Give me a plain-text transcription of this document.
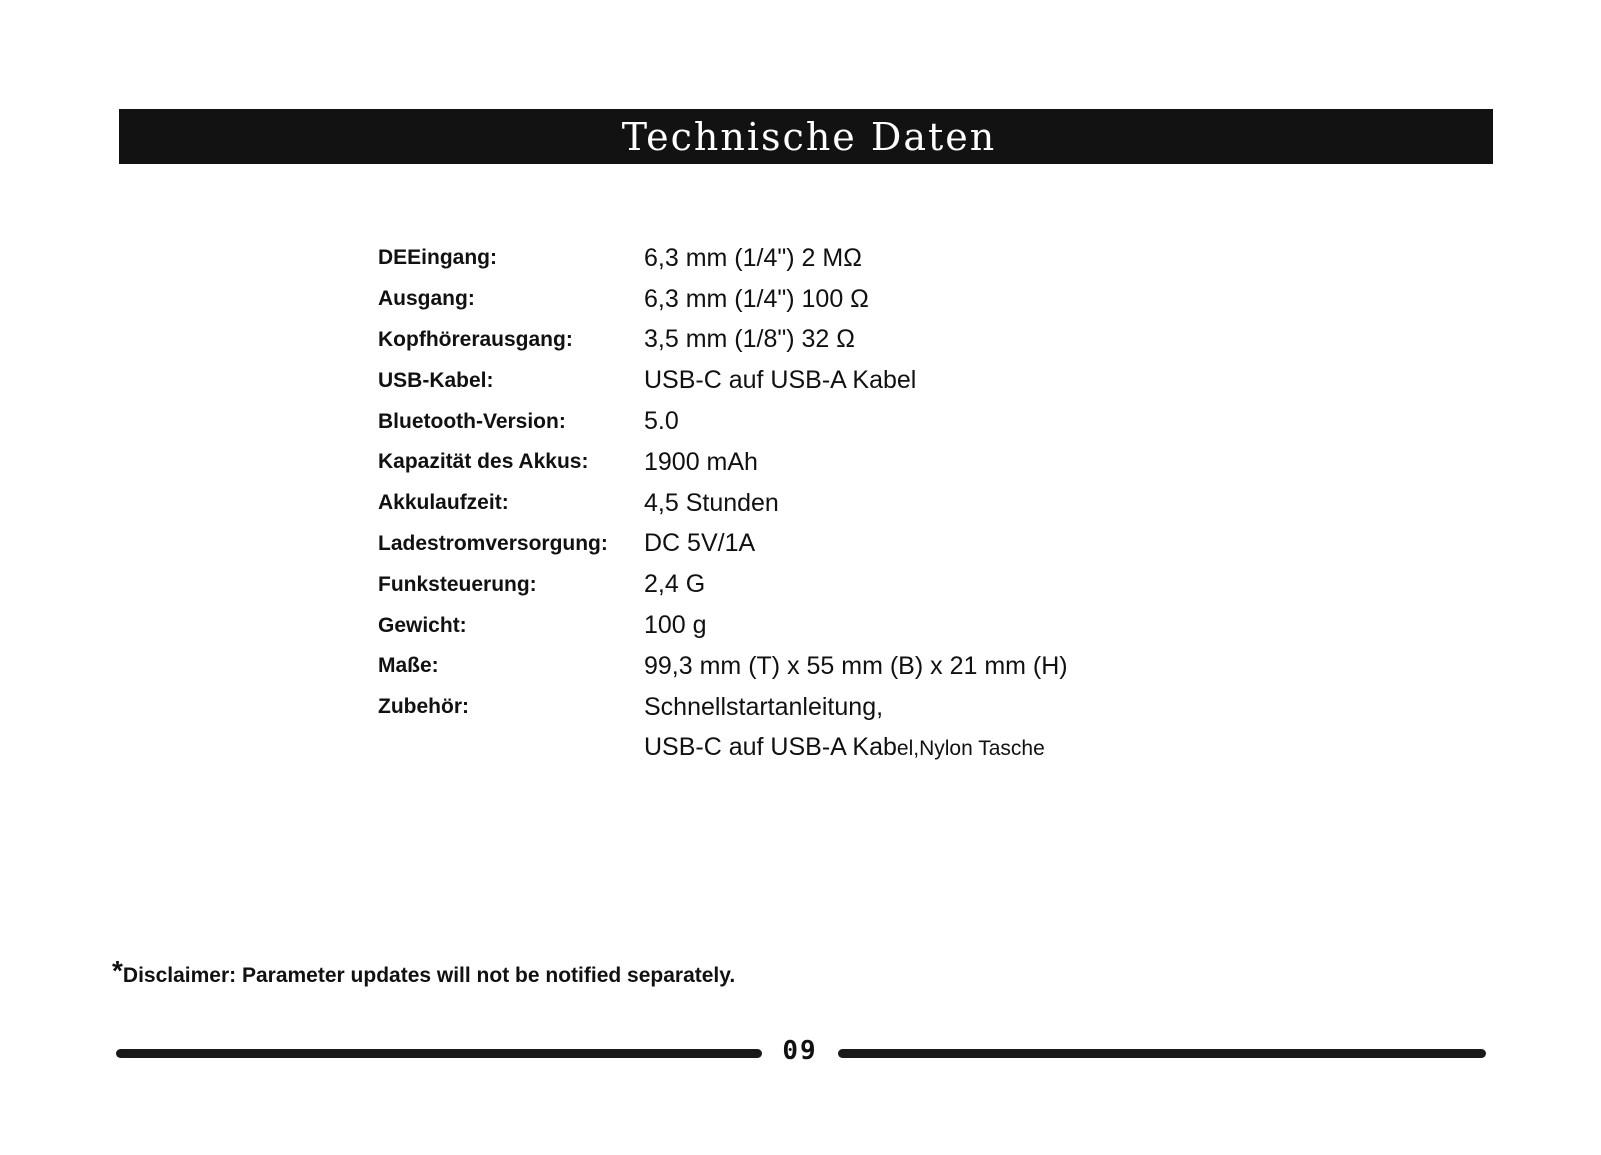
Technische Daten
DEEingang:	6,3 mm (1/4") 2 MΩ
Ausgang:	6,3 mm (1/4") 100 Ω
Kopfhörerausgang:	3,5 mm (1/8") 32 Ω
USB-Kabel:	USB-C auf USB-A Kabel
Bluetooth-Version:	5.0
Kapazität des Akkus:	1900 mAh
Akkulaufzeit:	4,5 Stunden
Ladestromversorgung:	DC 5V/1A
Funksteuerung:	2,4 G
Gewicht:	100 g
Maße:	99,3 mm (T) x 55 mm (B) x 21 mm (H)
Zubehör:	Schnellstartanleitung,
USB-C auf USB-A Kabel,Nylon Tasche
*Disclaimer: Parameter updates will not be notified separately.
09
